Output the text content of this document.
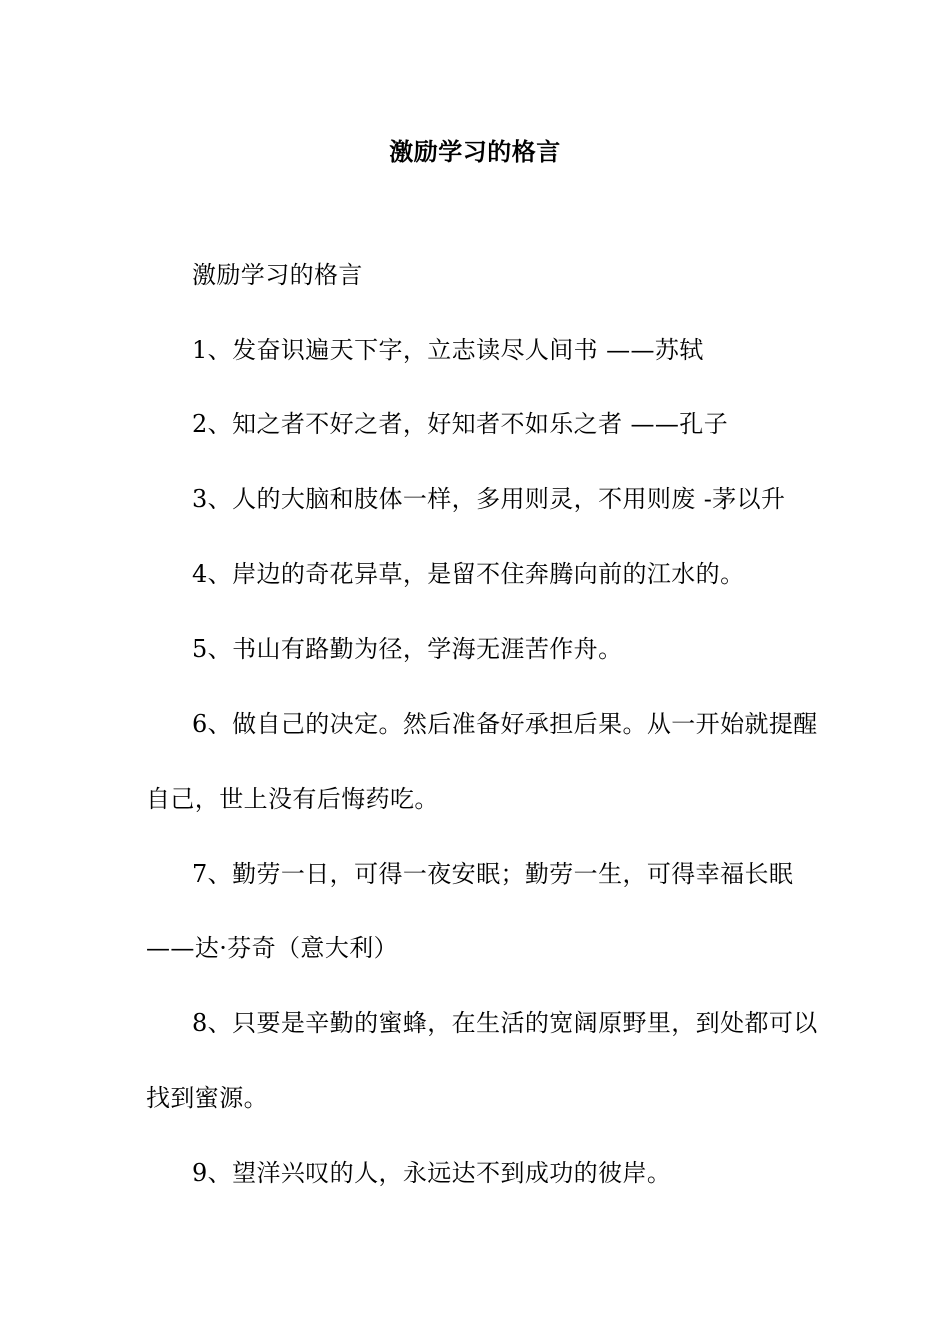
激励学习的格言
激励学习的格言
1、发奋识遍天下字，立志读尽人间书 ——苏轼
2、知之者不好之者，好知者不如乐之者 ——孔子
3、人的大脑和肢体一样，多用则灵，不用则废 -茅以升
4、岸边的奇花异草，是留不住奔腾向前的江水的。
5、书山有路勤为径，学海无涯苦作舟。
6、做自己的决定。然后准备好承担后果。从一开始就提醒
自己，世上没有后悔药吃。
7、勤劳一日，可得一夜安眠；勤劳一生，可得幸福长眠
——达·芬奇（意大利）
8、只要是辛勤的蜜蜂，在生活的宽阔原野里，到处都可以
找到蜜源。
9、望洋兴叹的人，永远达不到成功的彼岸。
